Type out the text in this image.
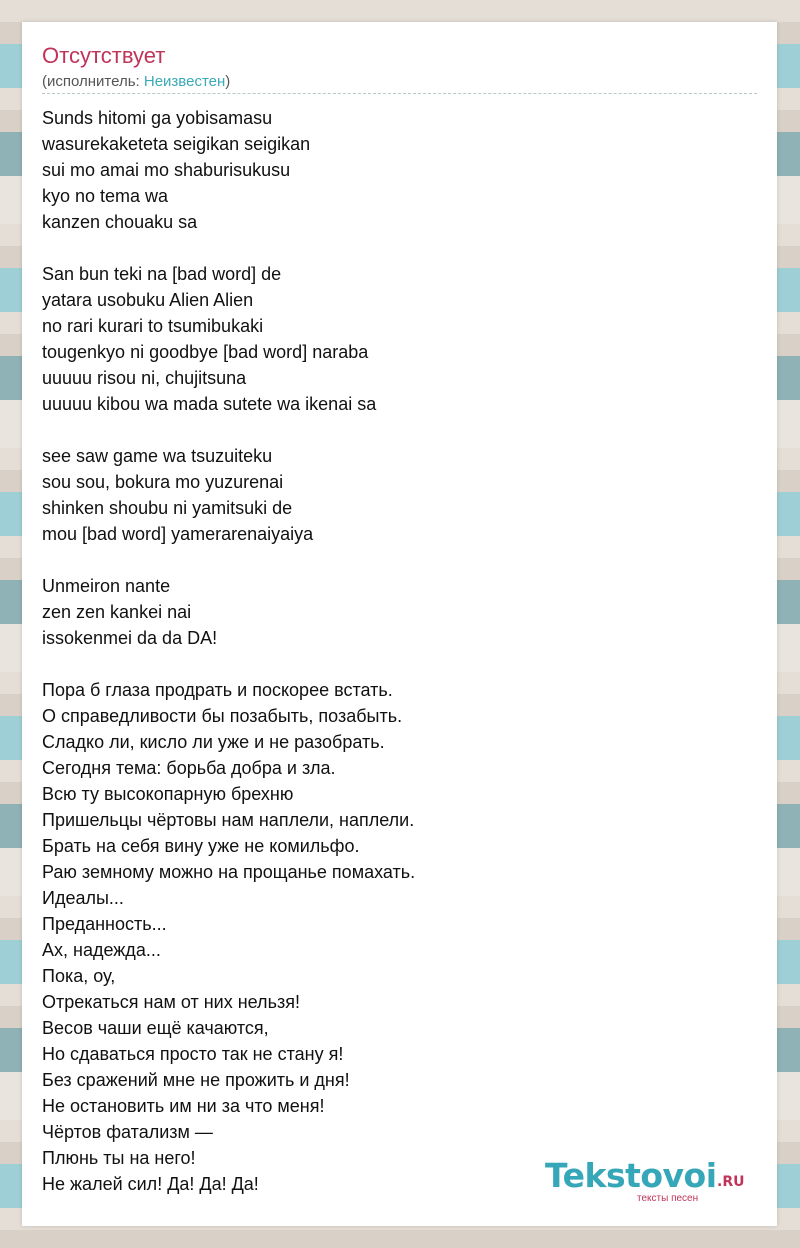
Отсутствует
(исполнитель: Неизвестен)
Sunds hitomi ga yobisamasu
wasurekaketeta seigikan seigikan
sui mo amai mo shaburisukusu
kyo no tema wa
kanzen chouaku sa
San bun teki na [bad word] de
yatara usobuku Alien Alien
no rari kurari to tsumibukaki
tougenkyo ni goodbye [bad word] naraba
uuuuu risou ni, chujitsuna
uuuuu kibou wa mada sutete wa ikenai sa
see saw game wa tsuzuiteku
sou sou, bokura mo yuzurenai
shinken shoubu ni yamitsuki de
mou [bad word] yamerarenaiyaiya
Unmeiron nante
zen zen kankei nai
issokenmei da da DA!
Пора б глаза продрать и поскорее встать.
О справедливости бы позабыть, позабыть.
Сладко ли, кисло ли уже и не разобрать.
Сегодня тема: борьба добра и зла.
Всю ту высокопарную брехню
Пришельцы чёртовы нам наплели, наплели.
Брать на себя вину уже не комильфо.
Раю земному можно на прощанье помахать.
Идеалы...
Преданность...
Ах, надежда...
Пока, оу,
Отрекаться нам от них нельзя!
Весов чаши ещё качаются,
Но сдаваться просто так не стану я!
Без сражений мне не прожить и дня!
Не остановить им ни за что меня!
Чёртов фатализм —
Плюнь ты на него!
Не жалей сил! Да! Да! Да!	Tekstovoi .RU
тексты песен
